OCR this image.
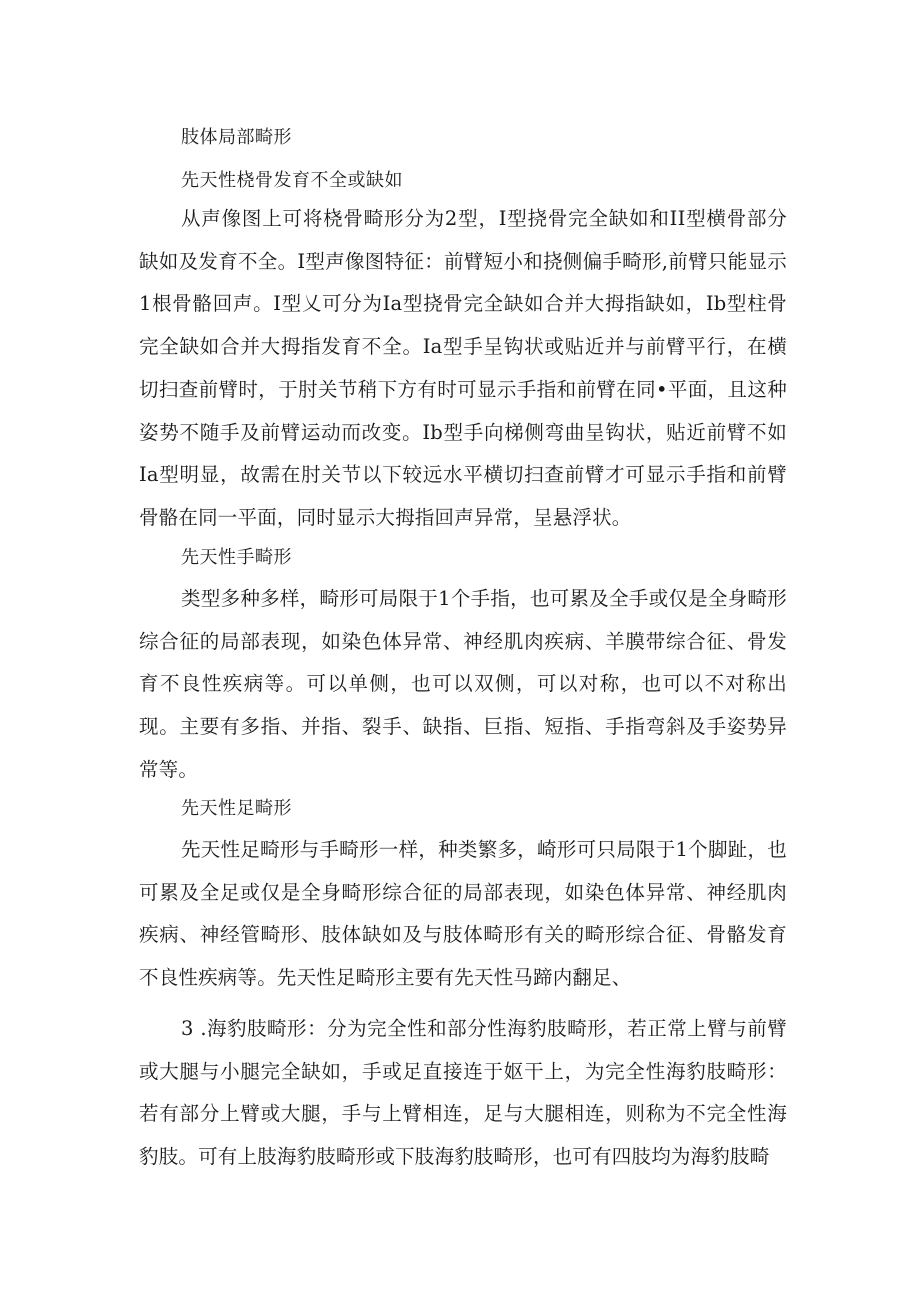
肢体局部畸形
先天性桡骨发育不全或缺如

从声像图上可将桡骨畸形分为2型，I型挠骨完全缺如和II型横骨部分缺如及发育不全。I型声像图特征：前臂短小和挠侧偏手畸形,前臂只能显示1根骨骼回声。I型乂可分为Ia型挠骨完全缺如合并大拇指缺如，Ib型柱骨完全缺如合并大拇指发育不全。Ia型手呈钩状或贴近并与前臂平行，在横切扫查前臂时，于肘关节稍下方有时可显示手指和前臂在同•平面，且这种姿势不随手及前臂运动而改变。Ib型手向梯侧弯曲呈钩状，贴近前臂不如Ia型明显，故需在肘关节以下较远水平横切扫查前臂才可显示手指和前臂骨骼在同一平面，同时显示大拇指回声异常，呈悬浮状。

先天性手畸形

类型多种多样，畸形可局限于1个手指，也可累及全手或仅是全身畸形综合征的局部表现，如染色体异常、神经肌肉疾病、羊膜带综合征、骨发育不良性疾病等。可以单侧，也可以双侧，可以对称，也可以不对称出现。主要有多指、并指、裂手、缺指、巨指、短指、手指弯斜及手姿势异常等。

先天性足畸形

先天性足畸形与手畸形一样，种类繁多，崎形可只局限于1个脚趾，也可累及全足或仅是全身畸形综合征的局部表现，如染色体异常、神经肌肉疾病、神经管畸形、肢体缺如及与肢体畸形有关的畸形综合征、骨骼发育不良性疾病等。先天性足畸形主要有先天性马蹄内翻足、

3 .海豹肢畸形：分为完全性和部分性海豹肢畸形，若正常上臂与前臂或大腿与小腿完全缺如，手或足直接连于妪干上，为完全性海豹肢畸形：若有部分上臂或大腿，手与上臂相连，足与大腿相连，则称为不完全性海豹肢。可有上肢海豹肢畸形或下肢海豹肢畸形，也可有四肢均为海豹肢畸
